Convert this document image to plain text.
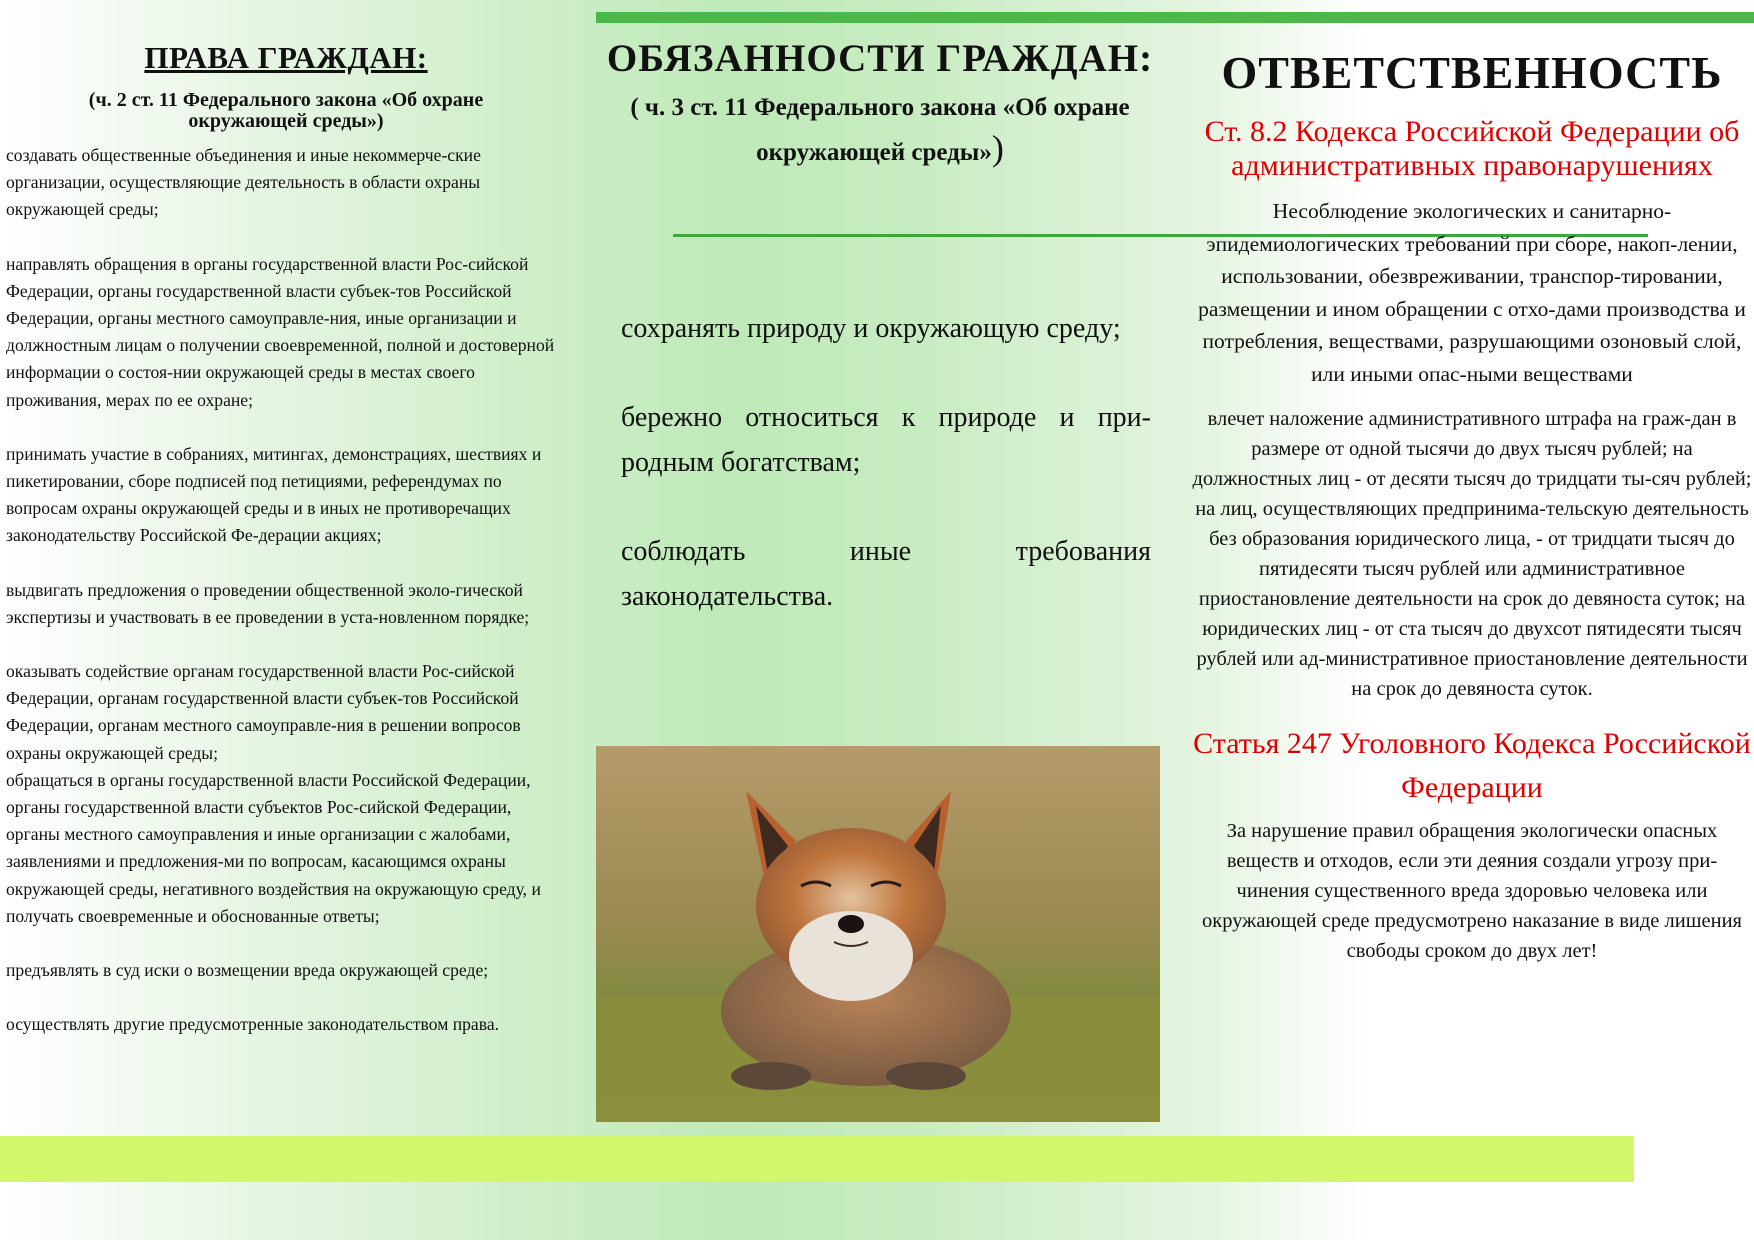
ПРАВА ГРАЖДАН:
(ч. 2 ст. 11 Федерального закона «Об охране окружающей среды»)

создавать общественные объединения и иные некоммерче-ские организации, осуществляющие деятельность в области охраны окружающей среды;

направлять обращения в органы государственной власти Рос-сийской Федерации, органы государственной власти субъек-тов Российской Федерации, органы местного самоуправле-ния, иные организации и должностным лицам о получении своевременной, полной и достоверной информации о состоя-нии окружающей среды в местах своего проживания, мерах по ее охране;

принимать участие в собраниях, митингах, демонстрациях, шествиях и пикетировании, сборе подписей под петициями, референдумах по вопросам охраны окружающей среды и в иных не противоречащих законодательству Российской Фе-дерации акциях;

выдвигать предложения о проведении общественной эколо-гической экспертизы и участвовать в ее проведении в уста-новленном порядке;

оказывать содействие органам государственной власти Рос-сийской Федерации, органам государственной власти субъек-тов Российской Федерации, органам местного самоуправле-ния в решении вопросов охраны окружающей среды;

обращаться в органы государственной власти Российской Федерации, органы государственной власти субъектов Рос-сийской Федерации, органы местного самоуправления и иные организации с жалобами, заявлениями и предложения-ми по вопросам, касающимся охраны окружающей среды, негативного воздействия на окружающую среду, и получать своевременные и обоснованные ответы;

предъявлять в суд иски о возмещении вреда окружающей среде;

осуществлять другие предусмотренные законодательством права.

ОБЯЗАННОСТИ ГРАЖДАН:
( ч. 3 ст. 11 Федерального закона «Об охране окружающей среды»)

сохранять природу и окружающую среду;

бережно относиться к природе и при-родным богатствам;

соблюдать иные требования законодательства.

ОТВЕТСТВЕННОСТЬ
Ст. 8.2 Кодекса Российской Федерации об административных правонарушениях
Несоблюдение экологических и санитарно-эпидемиологических требований при сборе, накоп-лении, использовании, обезвреживании, транспор-тировании, размещении и ином обращении с отхо-дами производства и потребления, веществами, разрушающими озоновый слой, или иными опас-ными веществами
влечет наложение административного штрафа на граж-дан в размере от одной тысячи до двух тысяч рублей; на должностных лиц - от десяти тысяч до тридцати ты-сяч рублей; на лиц, осуществляющих предпринима-тельскую деятельность без образования юридического лица, - от тридцати тысяч до пятидесяти тысяч рублей или административное приостановление деятельности на срок до девяноста суток; на юридических лиц - от ста тысяч до двухсот пятидесяти тысяч рублей или ад-министративное приостановление деятельности на срок до девяноста суток.
Статья 247 Уголовного Кодекса Российской Федерации
За нарушение правил обращения экологически опасных веществ и отходов, если эти деяния создали угрозу при-чинения существенного вреда здоровью человека или окружающей среде предусмотрено наказание в виде лишения свободы сроком до двух лет!
